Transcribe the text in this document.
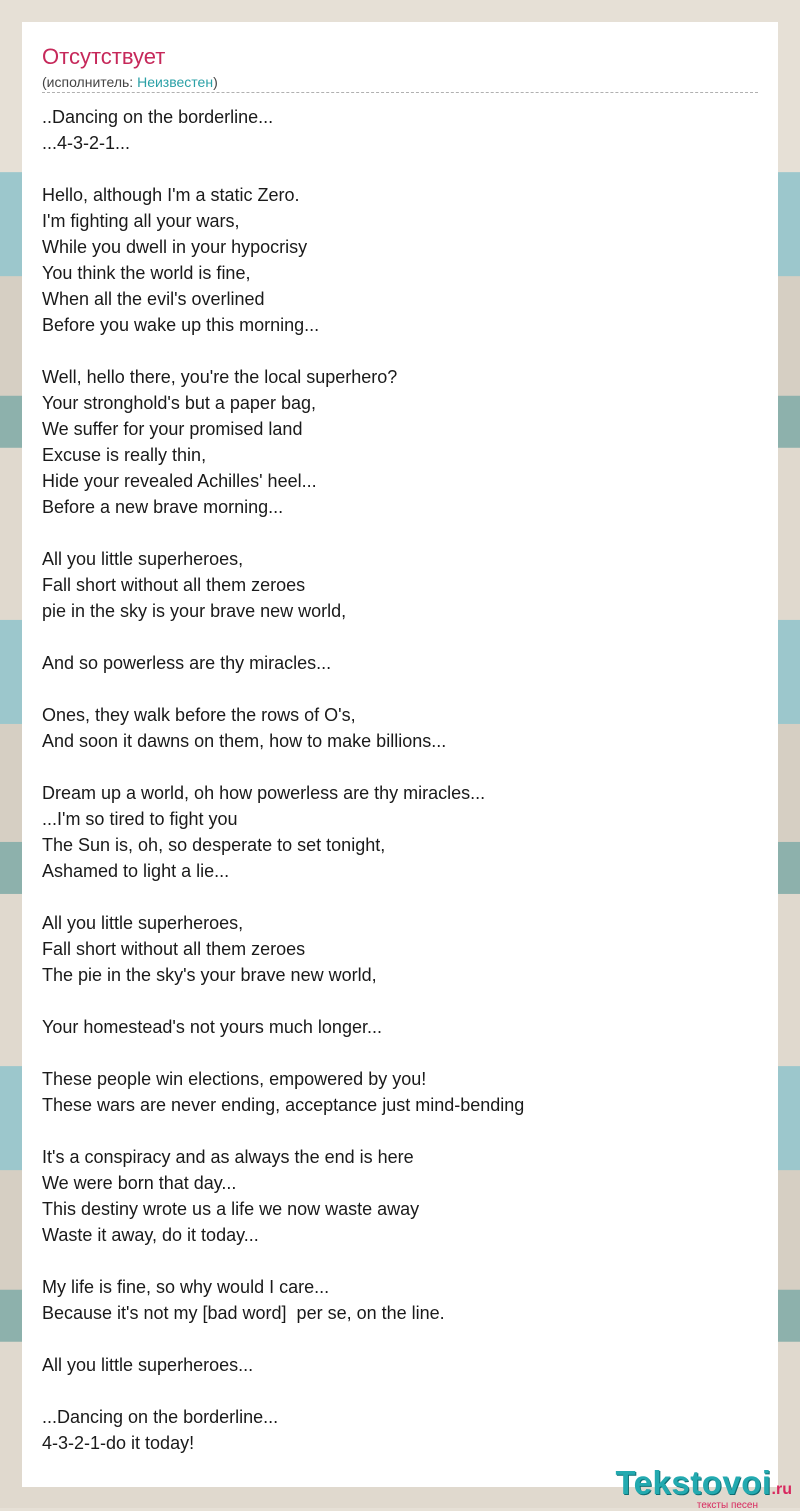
Отсутствует
(исполнитель: Неизвестен)
..Dancing on the borderline...
...4-3-2-1...

Hello, although I'm a static Zero.
I'm fighting all your wars,
While you dwell in your hypocrisy
You think the world is fine,
When all the evil's overlined
Before you wake up this morning...

Well, hello there, you're the local superhero?
Your stronghold's but a paper bag,
We suffer for your promised land
Excuse is really thin,
Hide your revealed Achilles' heel...
Before a new brave morning...

All you little superheroes,
Fall short without all them zeroes
pie in the sky is your brave new world,

And so powerless are thy miracles...

Ones, they walk before the rows of O's,
And soon it dawns on them, how to make billions...

Dream up a world, oh how powerless are thy miracles...
...I'm so tired to fight you
The Sun is, oh, so desperate to set tonight,
Ashamed to light a lie...

All you little superheroes,
Fall short without all them zeroes
The pie in the sky's your brave new world,

Your homestead's not yours much longer...

These people win elections, empowered by you!
These wars are never ending, acceptance just mind-bending

It's a conspiracy and as always the end is here
We were born that day...
This destiny wrote us a life we now waste away
Waste it away, do it today...

My life is fine, so why would I care...
Because it's not my [bad word]  per se, on the line.

All you little superheroes...

...Dancing on the borderline...
4-3-2-1-do it today!
Tekstovoi.ru
тексты песен
